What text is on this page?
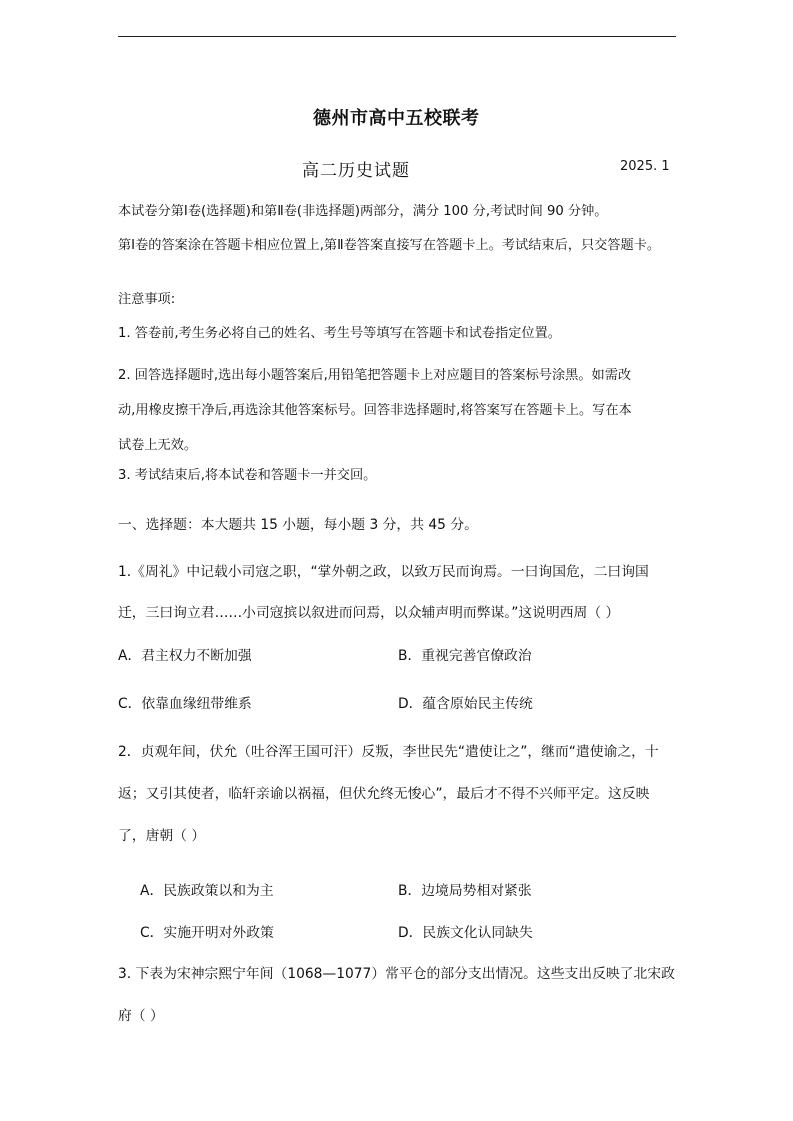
德州市高中五校联考
高二历史试题	2025. 1
本试卷分第Ⅰ卷(选择题)和第Ⅱ卷(非选择题)两部分，满分 100 分,考试时间 90 分钟。
第Ⅰ卷的答案涂在答题卡相应位置上,第Ⅱ卷答案直接写在答题卡上。考试结束后，只交答题卡。
注意事项:
1. 答卷前,考生务必将自己的姓名、考生号等填写在答题卡和试卷指定位置。
2. 回答选择题时,选出每小题答案后,用铅笔把答题卡上对应题目的答案标号涂黑。如需改
动,用橡皮擦干净后,再选涂其他答案标号。回答非选择题时,将答案写在答题卡上。写在本
试卷上无效。
3. 考试结束后,将本试卷和答题卡一并交回。
一、选择题：本大题共 15 小题，每小题 3 分，共 45 分。
1.《周礼》中记载小司寇之职，“掌外朝之政，以致万民而询焉。一曰询国危，二曰询国
迁，三曰询立君……小司寇摈以叙进而问焉，以众辅声明而弊谋。”这说明西周（ ）
A．君主权力不断加强	B．重视完善官僚政治
C．依靠血缘纽带维系	D．蕴含原始民主传统
2．贞观年间，伏允（吐谷浑王国可汗）反叛，李世民先“遣使让之”，继而“遣使谕之，十
返；又引其使者，临轩亲谕以祸福，但伏允终无悛心”，最后才不得不兴师平定。这反映
了，唐朝（ ）
A．民族政策以和为主	B．边境局势相对紧张
C．实施开明对外政策	D．民族文化认同缺失
3. 下表为宋神宗熙宁年间（1068—1077）常平仓的部分支出情况。这些支出反映了北宋政
府（ ）
